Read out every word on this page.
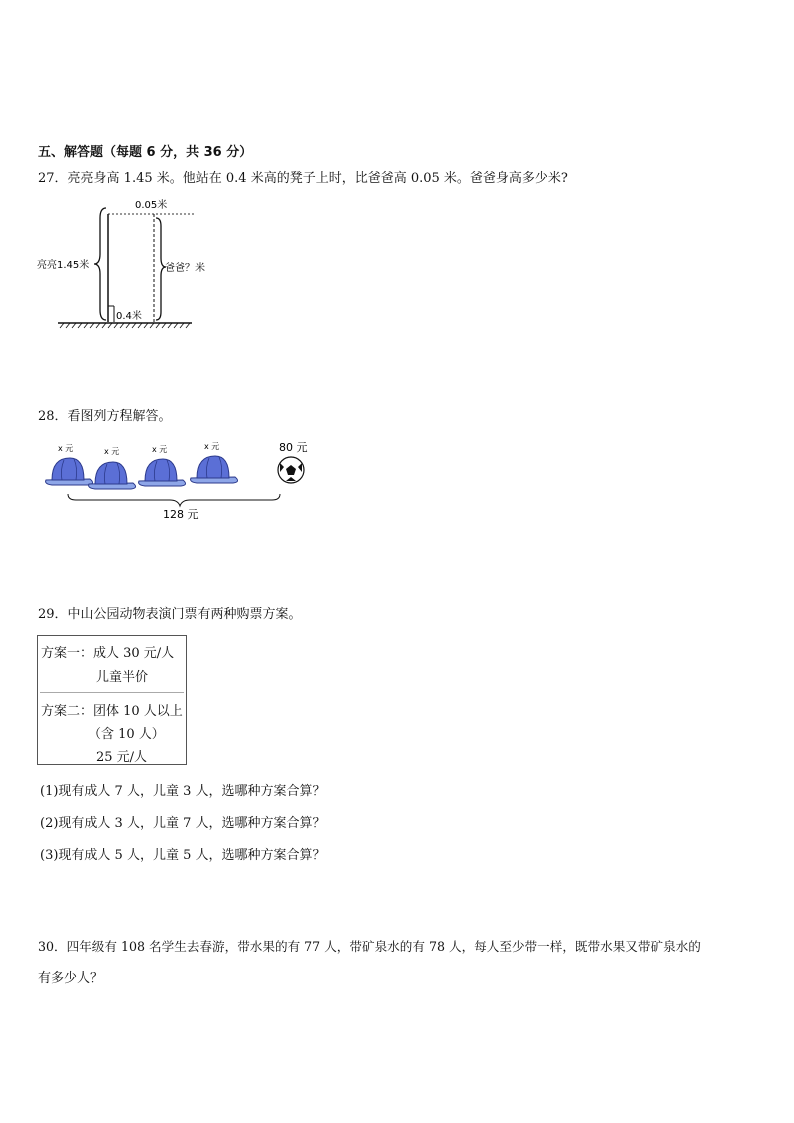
五、解答题（每题 6 分，共 36 分）
27．亮亮身高 1.45 米。他站在 0.4 米高的凳子上时，比爸爸高 0.05 米。爸爸身高多少米?
0.05米
亮亮1.45米	爸爸？米
0.4米
28．看图列方程解答。
x 元	x 元	x 元	x 元	80 元
128 元
29．中山公园动物表演门票有两种购票方案。
方案一：成人 30 元/人
儿童半价
方案二：团体 10 人以上
（含 10 人）
25 元/人
(1)现有成人 7 人，儿童 3 人，选哪种方案合算？
(2)现有成人 3 人，儿童 7 人，选哪种方案合算？
(3)现有成人 5 人，儿童 5 人，选哪种方案合算？
30．四年级有 108 名学生去春游，带水果的有 77 人，带矿泉水的有 78 人，每人至少带一样，既带水果又带矿泉水的
有多少人？
